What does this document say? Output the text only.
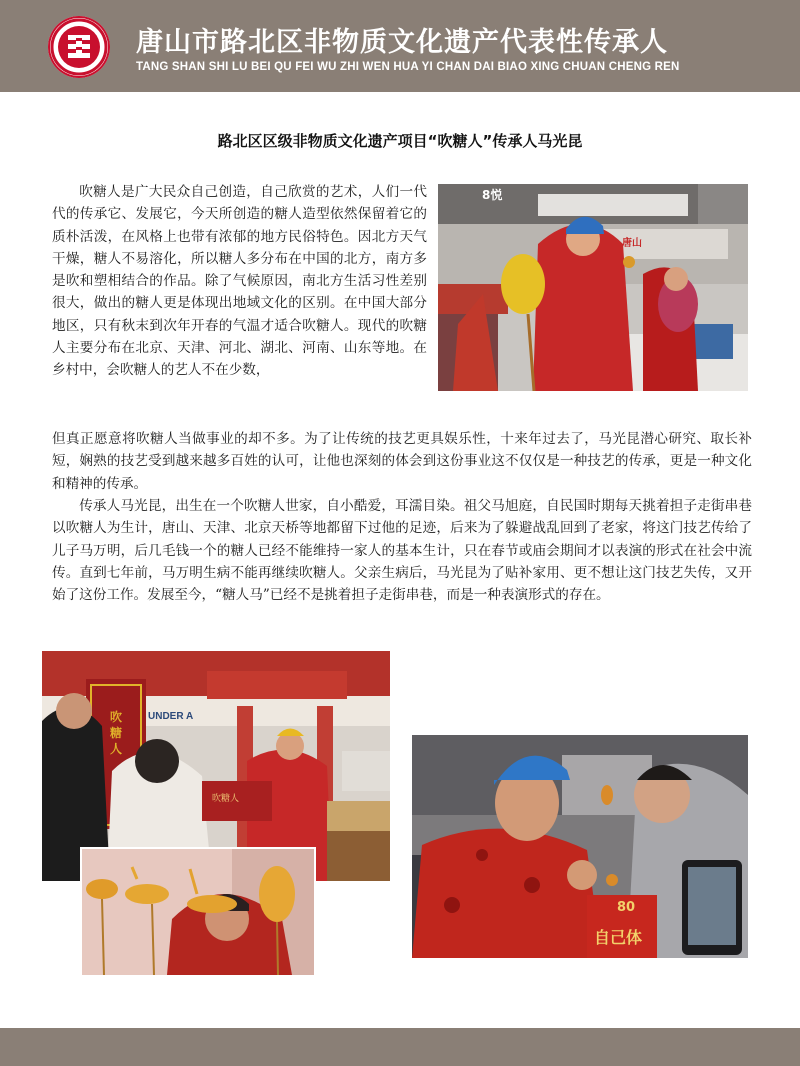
唐山市路北区非物质文化遗产代表性传承人
TANG SHAN SHI LU BEI QU FEI WU ZHI WEN HUA YI CHAN DAI BIAO XING CHUAN CHENG REN
路北区区级非物质文化遗产项目“吹糖人”传承人马光昆

吹糖人是广大民众自己创造，自己欣赏的艺术，人们一代代的传承它、发展它，今天所创造的糖人造型依然保留着它的质朴活泼，在风格上也带有浓郁的地方民俗特色。因北方天气干燥，糖人不易溶化，所以糖人多分布在中国的北方，南方多是吹和塑相结合的作品。除了气候原因，南北方生活习性差别很大，做出的糖人更是体现出地域文化的区别。在中国大部分地区，只有秋末到次年开春的气温才适合吹糖人。现代的吹糖人主要分布在北京、天津、河北、湖北、河南、山东等地。在乡村中，会吹糖人的艺人不在少数，

但真正愿意将吹糖人当做事业的却不多。为了让传统的技艺更具娱乐性，十来年过去了，马光昆潜心研究、取长补短，娴熟的技艺受到越来越多百姓的认可，让他也深刻的体会到这份事业这不仅仅是一种技艺的传承，更是一种文化和精神的传承。

传承人马光昆，出生在一个吹糖人世家，自小酷爱，耳濡目染。祖父马旭庭，自民国时期每天挑着担子走街串巷以吹糖人为生计，唐山、天津、北京天桥等地都留下过他的足迹，后来为了躲避战乱回到了老家，将这门技艺传给了儿子马万明，后几毛钱一个的糖人已经不能维持一家人的基本生计，只在春节或庙会期间才以表演的形式在社会中流传。直到七年前，马万明生病不能再继续吹糖人。父亲生病后，马光昆为了贴补家用、更不想让这门技艺失传，又开始了这份工作。发展至今，“糖人马”已经不是挑着担子走街串巷，而是一种表演形式的存在。

8悦
唐山
吹糖人
吹糖人
UNDER A
80
自己体
